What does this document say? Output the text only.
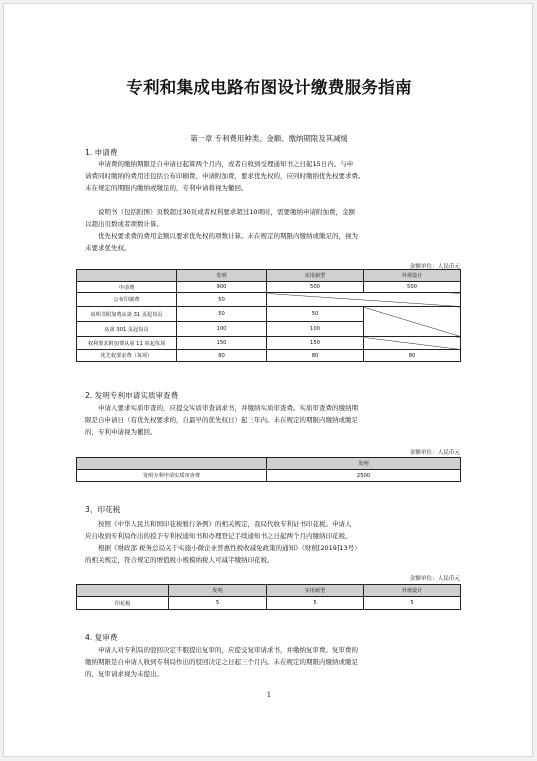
专利和集成电路布图设计缴费服务指南
第一章 专利费用种类、金额、缴纳期限及其减缓
1. 申请费
申请费的缴纳期限是自申请日起算两个月内，或者自收到受理通知书之日起15日内。与申
请费同时缴纳的费用还包括公布印刷费、申请附加费，要求优先权的，应同时缴纳优先权要求费。
未在规定的期限内缴纳或缴足的，专利申请将视为撤回。
说明书（包括附图）页数超过30页或者权利要求超过10项时，需要缴纳申请附加费，金额
以超出页数或者项数计算。
优先权要求费的费用金额以要求优先权的项数计算。未在规定的期限内缴纳或缴足的，视为
未要求优先权。
金额单位：人民币元
	发明	实用新型	外观设计
申请费	900	500	500
公布印刷费	50		
说明书附加费从第 31 页起每页	50	50	
从第 301 页起每页	100	100	
权利要求附加费从第 11 项起每项	150	150	
优先权要求费（每项）	80	80	80
2. 发明专利申请实质审查费
申请人要求实质审查的，应提交实质审查请求书，并缴纳实质审查费。实质审查费的缴纳期
限是自申请日（有优先权要求的，自最早的优先权日）起三年内。未在规定的期限内缴纳或缴足
的，专利申请视为撤回。
金额单位：人民币元
	发明
发明专利申请实质审查费	2500
3、印花税
按照《中华人民共和国印花税暂行条例》的相关规定，我局代收专利证书印花税。申请人
应自收到专利局作出的授予专利权通知书和办理登记手续通知书之日起两个月内缴纳印花税。
根据《财政部 税务总局关于实施小微企业普惠性税收减免政策的通知》（财税[2019]13号）
的相关规定，符合规定的增值税小规模纳税人可减半缴纳印花税。
金额单位：人民币元
	发明	实用新型	外观设计
印花税	5	5	5
4. 复审费
申请人对专利局的驳回决定不服提出复审的，应提交复审请求书，并缴纳复审费。复审费的
缴纳期限是自申请人收到专利局作出的驳回决定之日起三个月内。未在规定的期限内缴纳或缴足
的，复审请求视为未提出。
1
